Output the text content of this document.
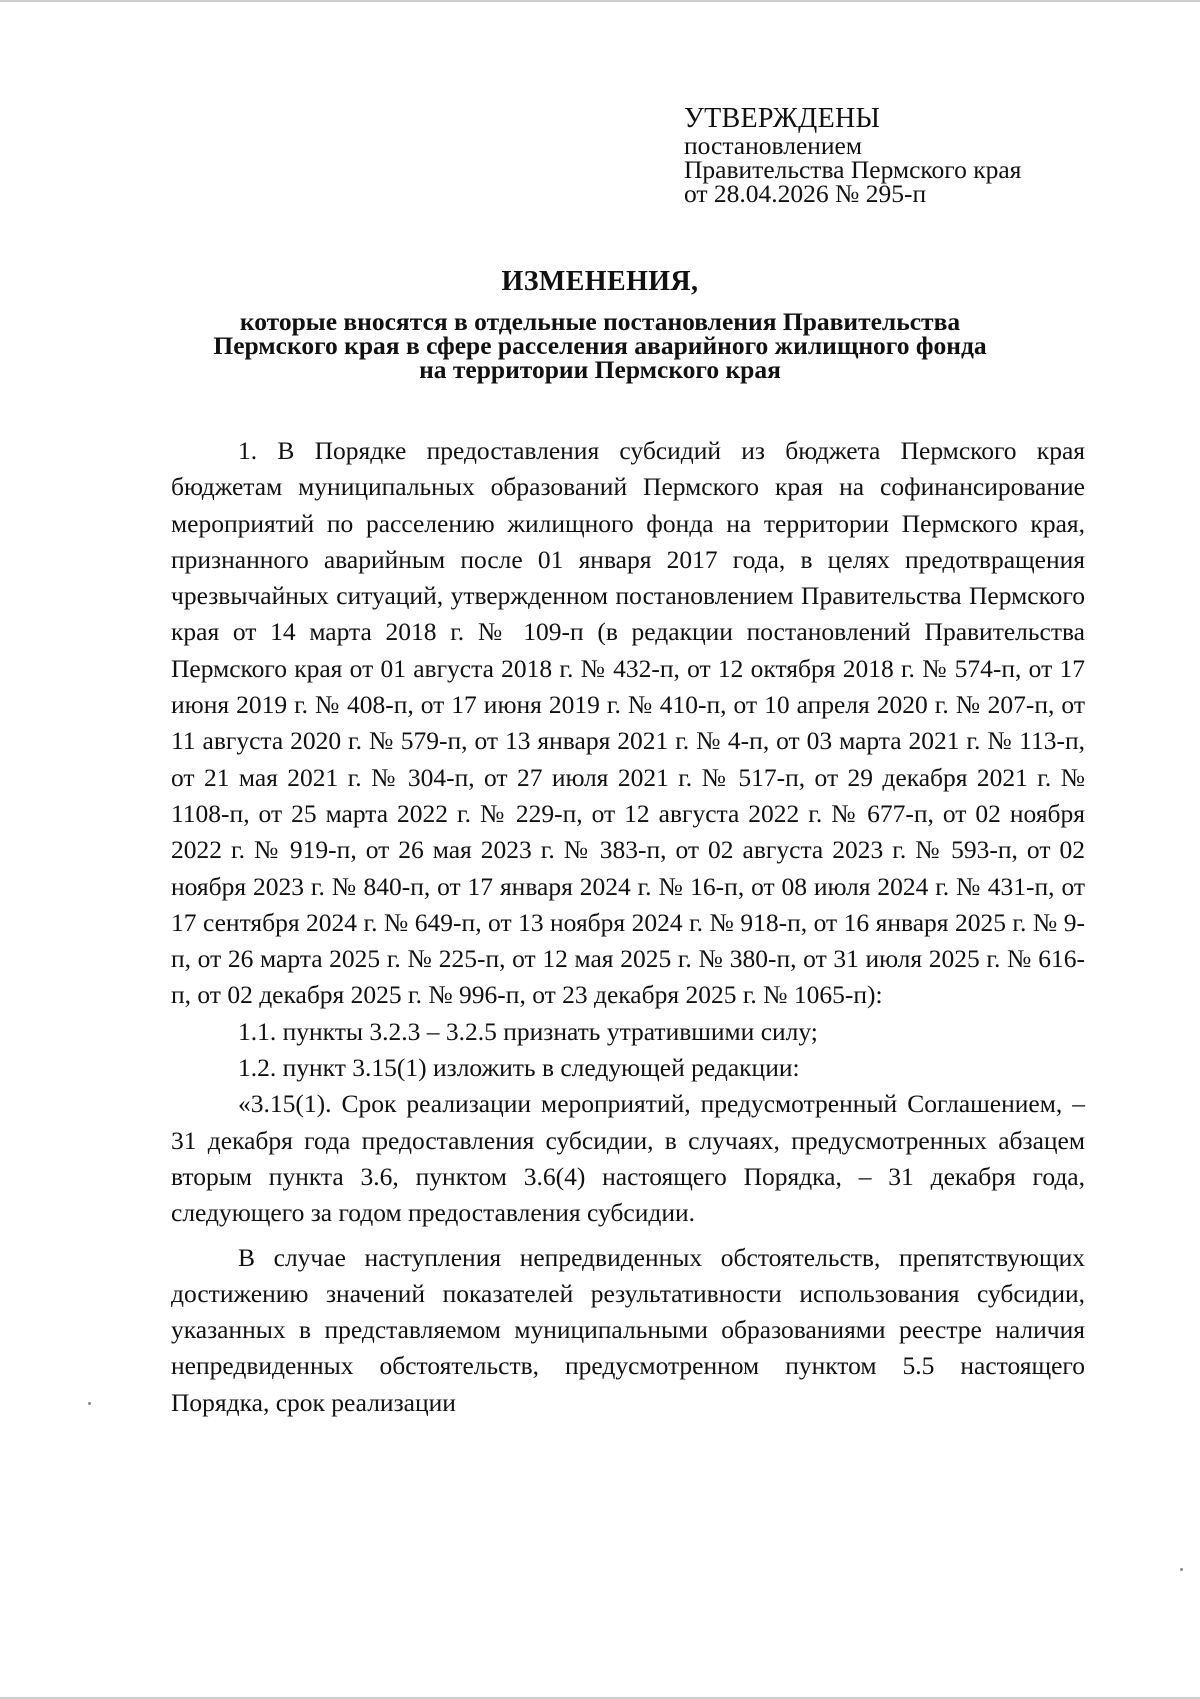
УТВЕРЖДЕНЫ
постановлением
Правительства Пермского края
от 28.04.2026 № 295-п
ИЗМЕНЕНИЯ,
которые вносятся в отдельные постановления Правительства
Пермского края в сфере расселения аварийного жилищного фонда
на территории Пермского края

1. В Порядке предоставления субсидий из бюджета Пермского края бюджетам муниципальных образований Пермского края на софинансирование мероприятий по расселению жилищного фонда на территории Пермского края, признанного аварийным после 01 января 2017 года, в целях предотвращения чрезвычайных ситуаций, утвержденном постановлением Правительства Пермского края от 14 марта 2018 г. № 109-п (в редакции постановлений Правительства Пермского края от 01 августа 2018 г. № 432-п, от 12 октября 2018 г. № 574-п, от 17 июня 2019 г. № 408-п, от 17 июня 2019 г. № 410-п, от 10 апреля 2020 г. № 207-п, от 11 августа 2020 г. № 579-п, от 13 января 2021 г. № 4-п, от 03 марта 2021 г. № 113-п, от 21 мая 2021 г. № 304-п, от 27 июля 2021 г. № 517-п, от 29 декабря 2021 г. № 1108-п, от 25 марта 2022 г. № 229-п, от 12 августа 2022 г. № 677-п, от 02 ноября 2022 г. № 919-п, от 26 мая 2023 г. № 383-п, от 02 августа 2023 г. № 593-п, от 02 ноября 2023 г. № 840-п, от 17 января 2024 г. № 16-п, от 08 июля 2024 г. № 431-п, от 17 сентября 2024 г. № 649-п, от 13 ноября 2024 г. № 918-п, от 16 января 2025 г. № 9-п, от 26 марта 2025 г. № 225-п, от 12 мая 2025 г. № 380-п, от 31 июля 2025 г. № 616-п, от 02 декабря 2025 г. № 996-п, от 23 декабря 2025 г. № 1065-п):

1.1. пункты 3.2.3 – 3.2.5 признать утратившими силу;

1.2. пункт 3.15(1) изложить в следующей редакции:

«3.15(1). Срок реализации мероприятий, предусмотренный Соглашением, – 31 декабря года предоставления субсидии, в случаях, предусмотренных абзацем вторым пункта 3.6, пунктом 3.6(4) настоящего Порядка, – 31 декабря года, следующего за годом предоставления субсидии.

В случае наступления непредвиденных обстоятельств, препятствующих достижению значений показателей результативности использования субсидии, указанных в представляемом муниципальными образованиями реестре наличия непредвиденных обстоятельств, предусмотренном пунктом 5.5 настоящего Порядка, срок реализации
